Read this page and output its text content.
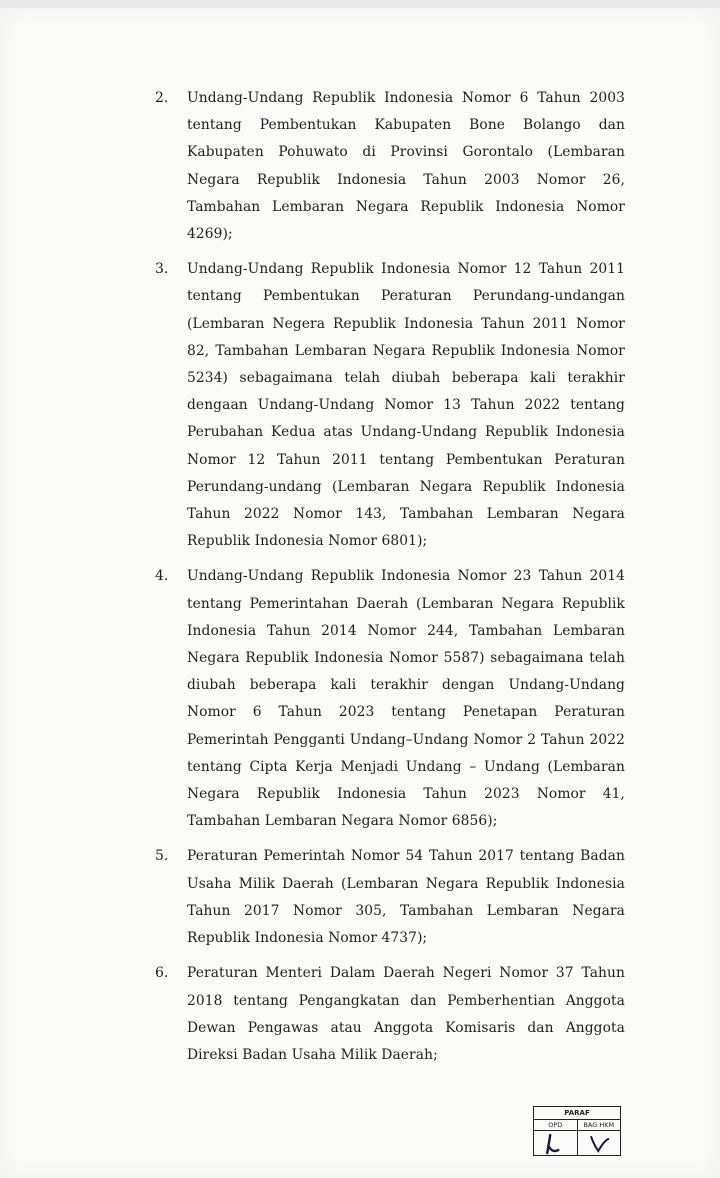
2. Undang-Undang Republik Indonesia Nomor 6 Tahun 2003 tentang Pembentukan Kabupaten Bone Bolango dan Kabupaten Pohuwato di Provinsi Gorontalo (Lembaran Negara Republik Indonesia Tahun 2003 Nomor 26, Tambahan Lembaran Negara Republik Indonesia Nomor 4269);
3. Undang-Undang Republik Indonesia Nomor 12 Tahun 2011 tentang Pembentukan Peraturan Perundang-undangan (Lembaran Negera Republik Indonesia Tahun 2011 Nomor 82, Tambahan Lembaran Negara Republik Indonesia Nomor 5234) sebagaimana telah diubah beberapa kali terakhir dengaan Undang-Undang Nomor 13 Tahun 2022 tentang Perubahan Kedua atas Undang-Undang Republik Indonesia Nomor 12 Tahun 2011 tentang Pembentukan Peraturan Perundang-undang (Lembaran Negara Republik Indonesia Tahun 2022 Nomor 143, Tambahan Lembaran Negara Republik Indonesia Nomor 6801);
4. Undang-Undang Republik Indonesia Nomor 23 Tahun 2014 tentang Pemerintahan Daerah (Lembaran Negara Republik Indonesia Tahun 2014 Nomor 244, Tambahan Lembaran Negara Republik Indonesia Nomor 5587) sebagaimana telah diubah beberapa kali terakhir dengan Undang-Undang Nomor 6 Tahun 2023 tentang Penetapan Peraturan Pemerintah Pengganti Undang–Undang Nomor 2 Tahun 2022 tentang Cipta Kerja Menjadi Undang – Undang (Lembaran Negara Republik Indonesia Tahun 2023 Nomor 41, Tambahan Lembaran Negara Nomor 6856);
5. Peraturan Pemerintah Nomor 54 Tahun 2017 tentang Badan Usaha Milik Daerah (Lembaran Negara Republik Indonesia Tahun 2017 Nomor 305, Tambahan Lembaran Negara Republik Indonesia Nomor 4737);
6. Peraturan Menteri Dalam Daerah Negeri Nomor 37 Tahun 2018 tentang Pengangkatan dan Pemberhentian Anggota Dewan Pengawas atau Anggota Komisaris dan Anggota Direksi Badan Usaha Milik Daerah;
PARAF
OPD	BAG HKM
